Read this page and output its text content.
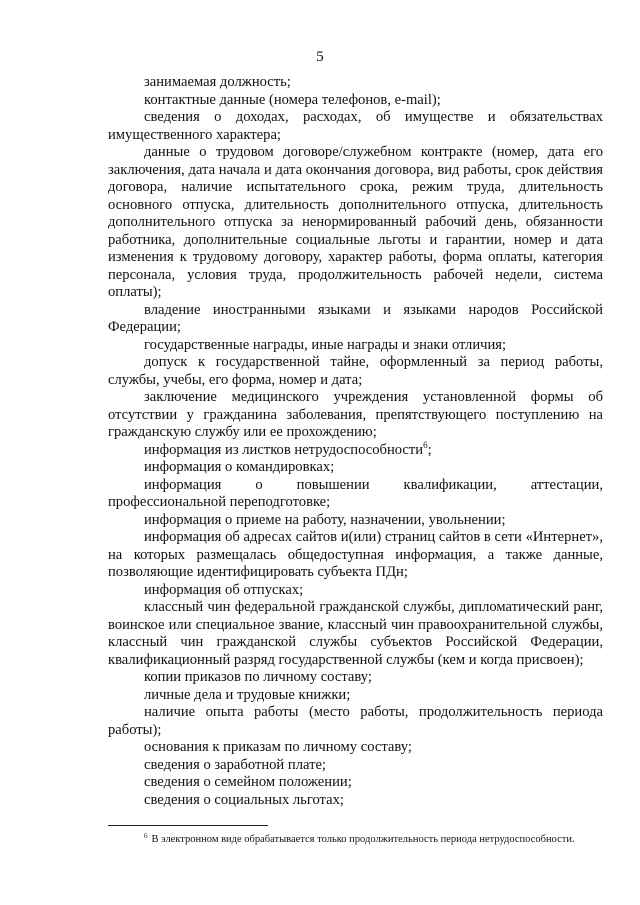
5

занимаемая должность;

контактные данные (номера телефонов, e-mail);

сведения о доходах, расходах, об имуществе и обязательствах имущественного характера;

данные о трудовом договоре/служебном контракте (номер, дата его заключения, дата начала и дата окончания договора, вид работы, срок действия договора, наличие испытательного срока, режим труда, длительность основного отпуска, длительность дополнительного отпуска, длительность дополнительного отпуска за ненормированный рабочий день, обязанности работника, дополнительные социальные льготы и гарантии, номер и дата изменения к трудовому договору, характер работы, форма оплаты, категория персонала, условия труда, продолжительность рабочей недели, система оплаты);

владение иностранными языками и языками народов Российской Федерации;

государственные награды, иные награды и знаки отличия;

допуск к государственной тайне, оформленный за период работы, службы, учебы, его форма, номер и дата;

заключение медицинского учреждения установленной формы об отсутствии у гражданина заболевания, препятствующего поступлению на гражданскую службу или ее прохождению;

информация из листков нетрудоспособности$^6$;

информация о командировках;

информация о повышении квалификации, аттестации, профессиональной переподготовке;

информация о приеме на работу, назначении, увольнении;

информация об адресах сайтов и(или) страниц сайтов в сети «Интернет», на которых размещалась общедоступная информация, а также данные, позволяющие идентифицировать субъекта ПДн;

информация об отпусках;

классный чин федеральной гражданской службы, дипломатический ранг, воинское или специальное звание, классный чин правоохранительной службы, классный чин гражданской службы субъектов Российской Федерации, квалификационный разряд государственной службы (кем и когда присвоен);

копии приказов по личному составу;

личные дела и трудовые книжки;

наличие опыта работы (место работы, продолжительность периода работы);

основания к приказам по личному составу;

сведения о заработной плате;

сведения о семейном положении;

сведения о социальных льготах;

$^6$ В электронном виде обрабатывается только продолжительность периода нетрудоспособности.
